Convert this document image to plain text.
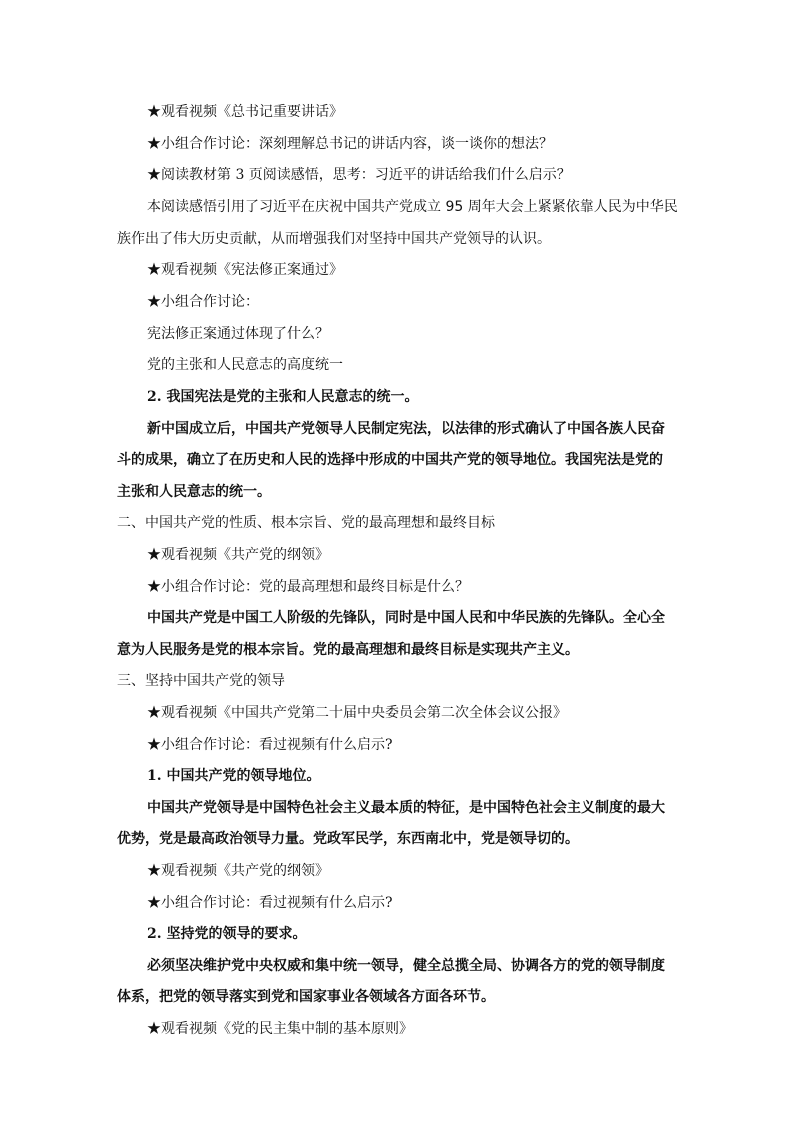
★观看视频《总书记重要讲话》
★小组合作讨论：深刻理解总书记的讲话内容，谈一谈你的想法？
★阅读教材第 3 页阅读感悟，思考：习近平的讲话给我们什么启示？
本阅读感悟引用了习近平在庆祝中国共产党成立 95 周年大会上紧紧依靠人民为中华民
族作出了伟大历史贡献，从而增强我们对坚持中国共产党领导的认识。
★观看视频《宪法修正案通过》
★小组合作讨论：
宪法修正案通过体现了什么？
党的主张和人民意志的高度统一
2. 我国宪法是党的主张和人民意志的统一。
新中国成立后，中国共产党领导人民制定宪法，以法律的形式确认了中国各族人民奋
斗的成果，确立了在历史和人民的选择中形成的中国共产党的领导地位。我国宪法是党的
主张和人民意志的统一。
二、中国共产党的性质、根本宗旨、党的最高理想和最终目标
★观看视频《共产党的纲领》
★小组合作讨论：党的最高理想和最终目标是什么？
中国共产党是中国工人阶级的先锋队，同时是中国人民和中华民族的先锋队。全心全
意为人民服务是党的根本宗旨。党的最高理想和最终目标是实现共产主义。
三、坚持中国共产党的领导
★观看视频《中国共产党第二十届中央委员会第二次全体会议公报》
★小组合作讨论：看过视频有什么启示?
1. 中国共产党的领导地位。
中国共产党领导是中国特色社会主义最本质的特征，是中国特色社会主义制度的最大
优势，党是最高政治领导力量。党政军民学，东西南北中，党是领导切的。
★观看视频《共产党的纲领》
★小组合作讨论：看过视频有什么启示?
2. 坚持党的领导的要求。
必须坚决维护党中央权威和集中统一领导，健全总揽全局、协调各方的党的领导制度
体系，把党的领导落实到党和国家事业各领域各方面各环节。
★观看视频《党的民主集中制的基本原则》
